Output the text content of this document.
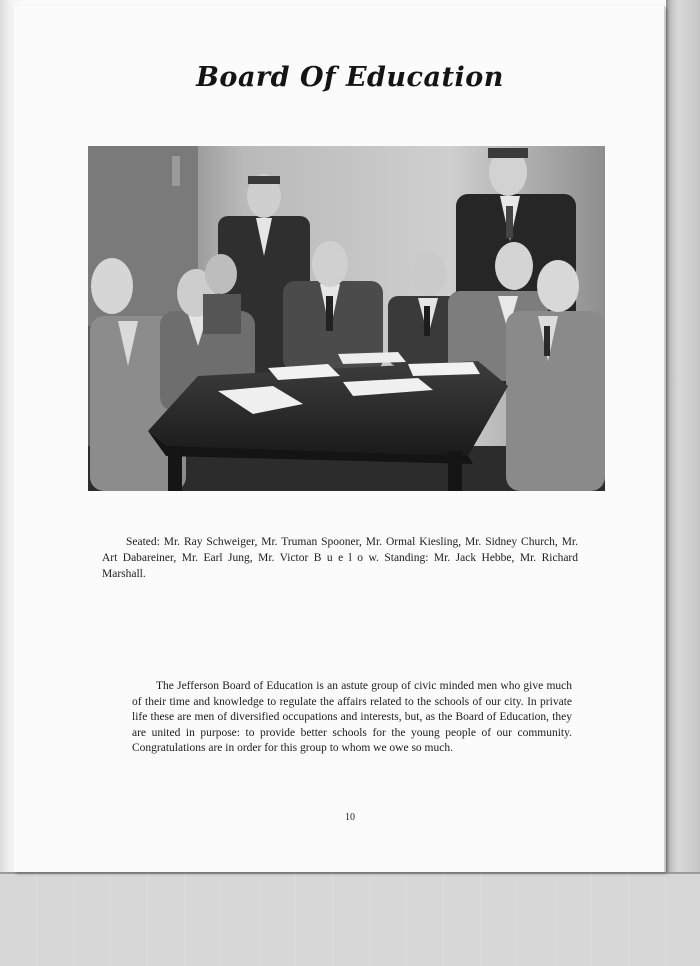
Board Of Education
Seated: Mr. Ray Schweiger, Mr. Truman Spooner, Mr. Ormal Kiesling, Mr. Sidney Church, Mr. Art Dabareiner, Mr. Earl Jung, Mr. Victor B u e l o w. Standing: Mr. Jack Hebbe, Mr. Richard Marshall.
The Jefferson Board of Education is an astute group of civic minded men who give much of their time and knowledge to regulate the affairs related to the schools of our city. In private life these are men of diversified occupations and interests, but, as the Board of Education, they are united in purpose: to provide better schools for the young people of our community. Congratulations are in order for this group to whom we owe so much.
10
